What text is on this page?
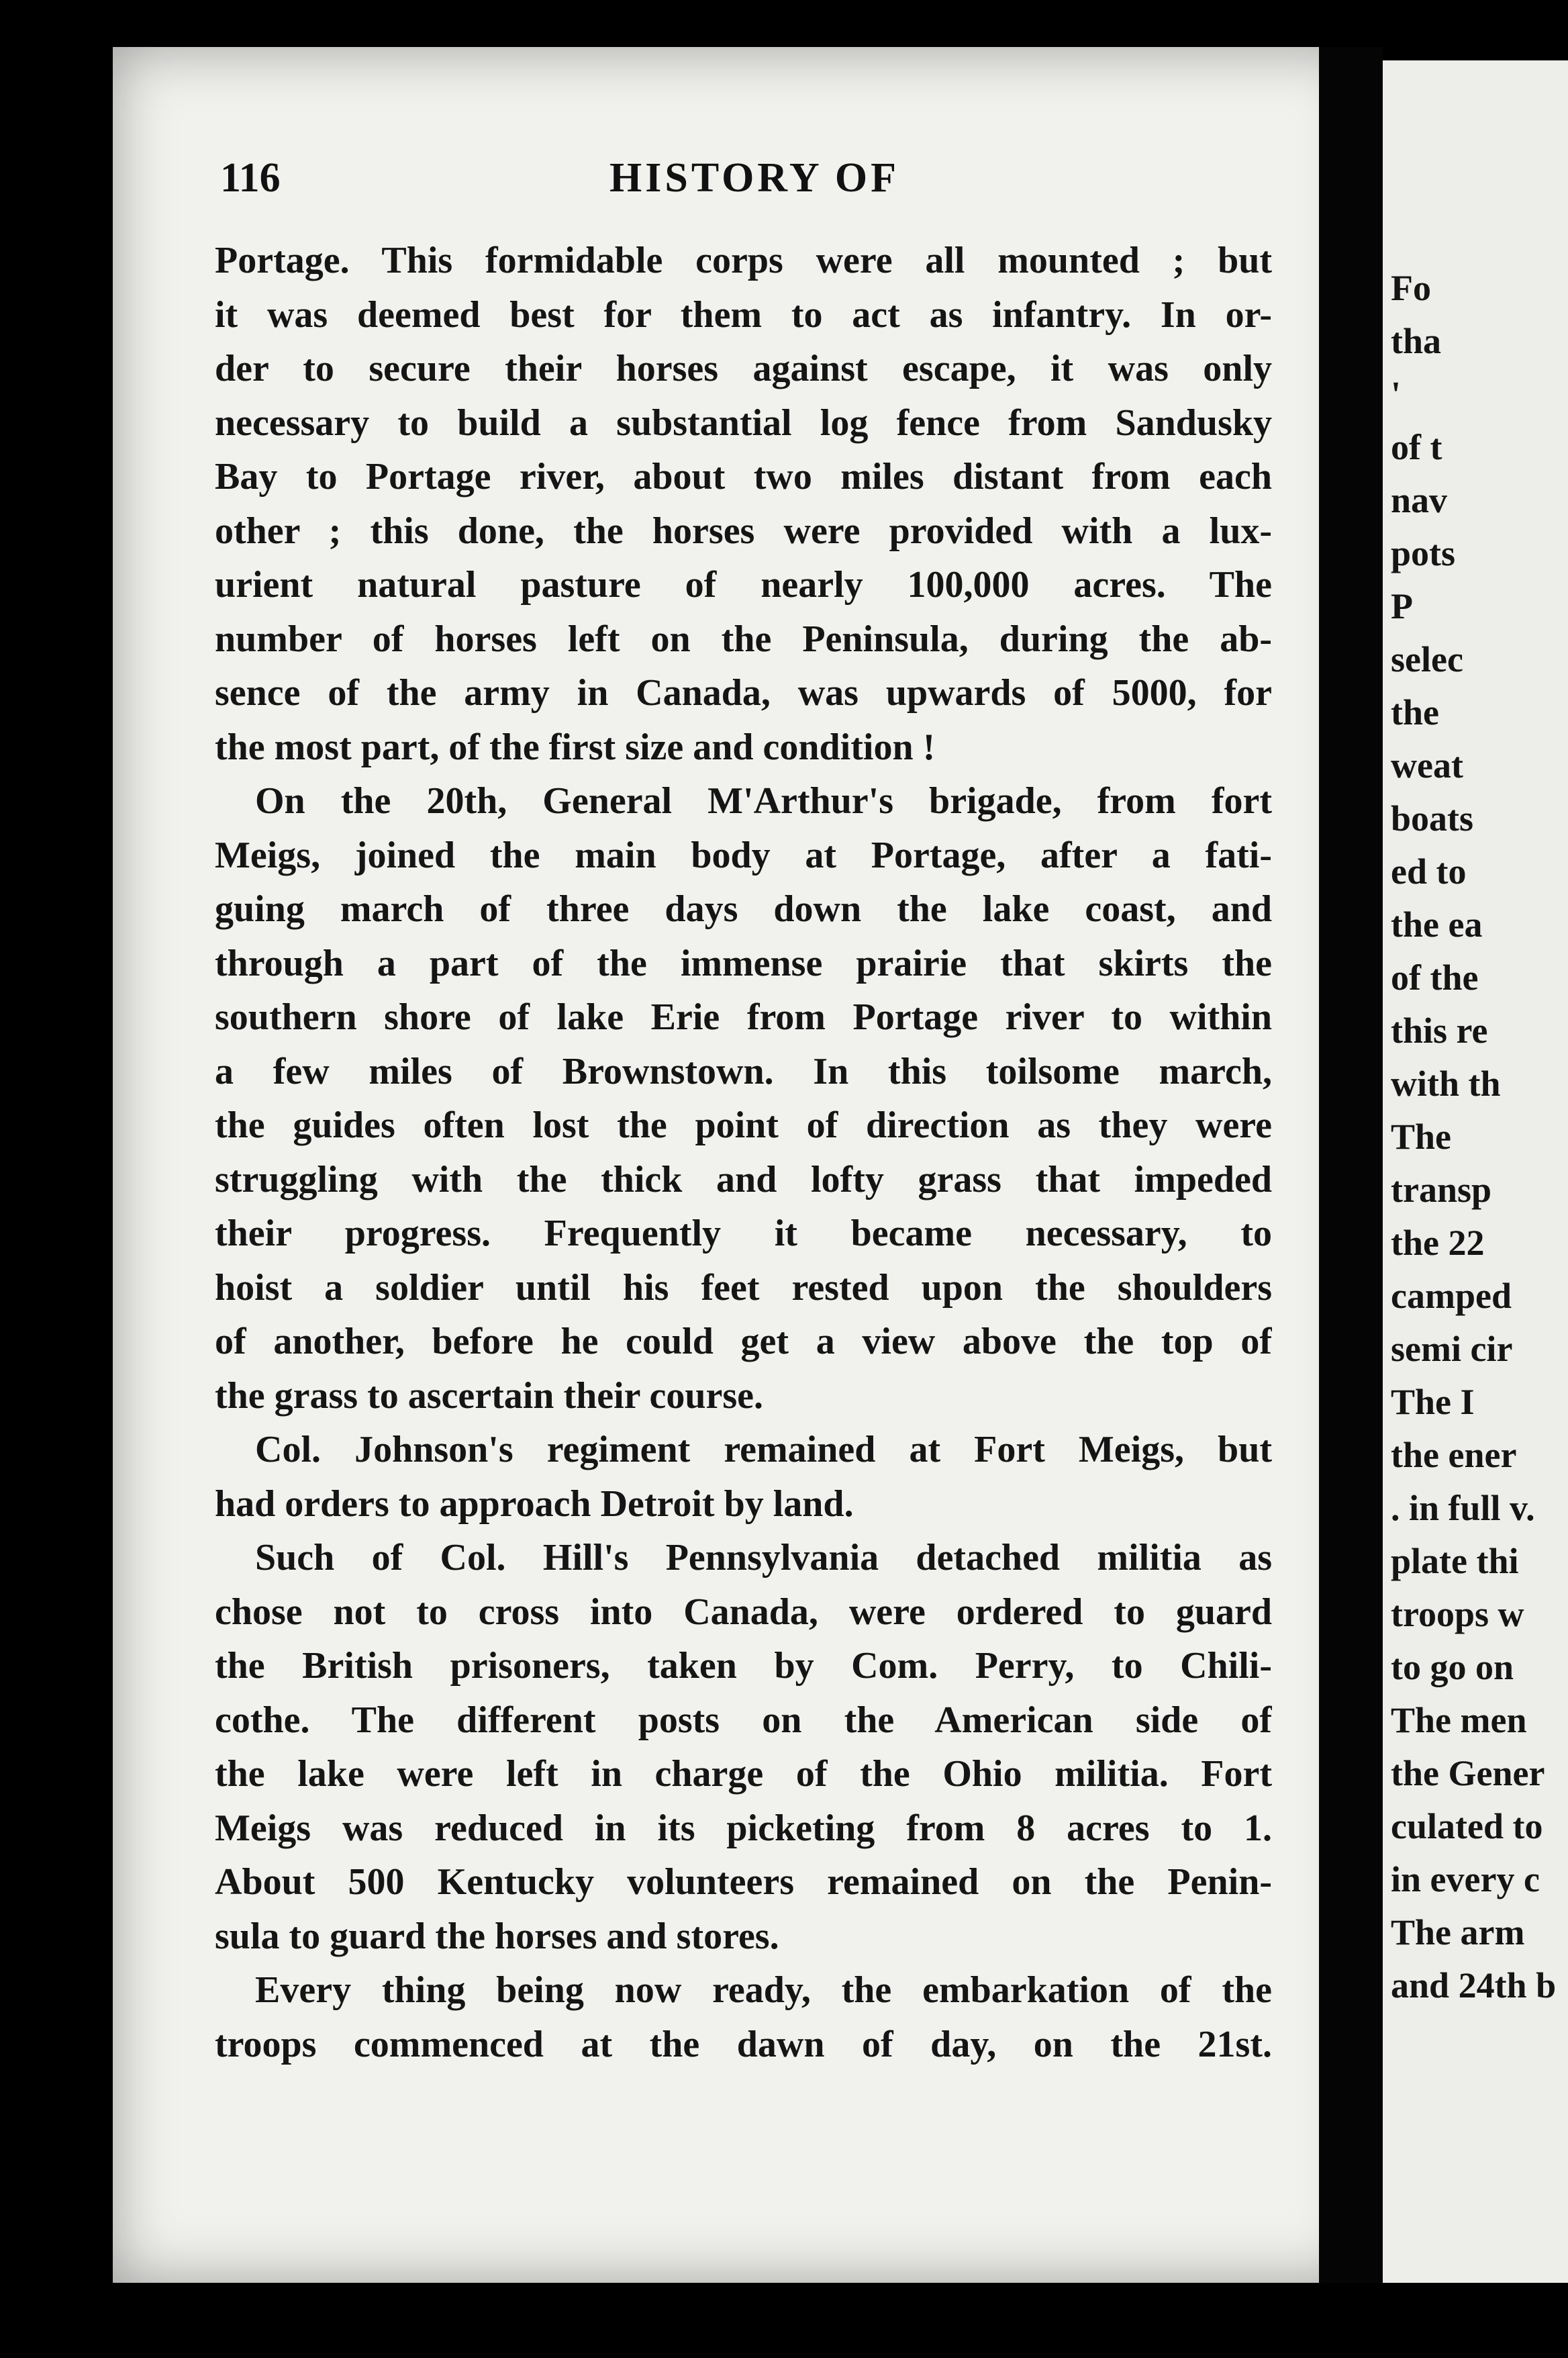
116	HISTORY OF
Portage. This formidable corps were all mounted ; but
it was deemed best for them to act as infantry. In or-
der to secure their horses against escape, it was only
necessary to build a substantial log fence from Sandusky
Bay to Portage river, about two miles distant from each
other ; this done, the horses were provided with a lux-
urient natural pasture of nearly 100,000 acres. The
number of horses left on the Peninsula, during the ab-
sence of the army in Canada, was upwards of 5000, for
the most part, of the first size and condition !
On the 20th, General M'Arthur's brigade, from fort
Meigs, joined the main body at Portage, after a fati-
guing march of three days down the lake coast, and
through a part of the immense prairie that skirts the
southern shore of lake Erie from Portage river to within
a few miles of Brownstown. In this toilsome march,
the guides often lost the point of direction as they were
struggling with the thick and lofty grass that impeded
their progress. Frequently it became necessary, to
hoist a soldier until his feet rested upon the shoulders
of another, before he could get a view above the top of
the grass to ascertain their course.
Col. Johnson's regiment remained at Fort Meigs, but
had orders to approach Detroit by land.
Such of Col. Hill's Pennsylvania detached militia as
chose not to cross into Canada, were ordered to guard
the British prisoners, taken by Com. Perry, to Chili-
cothe. The different posts on the American side of
the lake were left in charge of the Ohio militia. Fort
Meigs was reduced in its picketing from 8 acres to 1.
About 500 Kentucky volunteers remained on the Penin-
sula to guard the horses and stores.
Every thing being now ready, the embarkation of the
troops commenced at the dawn of day, on the 21st.
Fo
tha
'
of t
nav
pots
P
selec
the
weat
boats
ed to
the ea
of the
this re
with th
The
transp
the 22
camped
semi cir
The I
the ener
. in full v.
plate thi
troops w
to go on
The men
the Gener
culated to
in every c
The arm
and 24th b
